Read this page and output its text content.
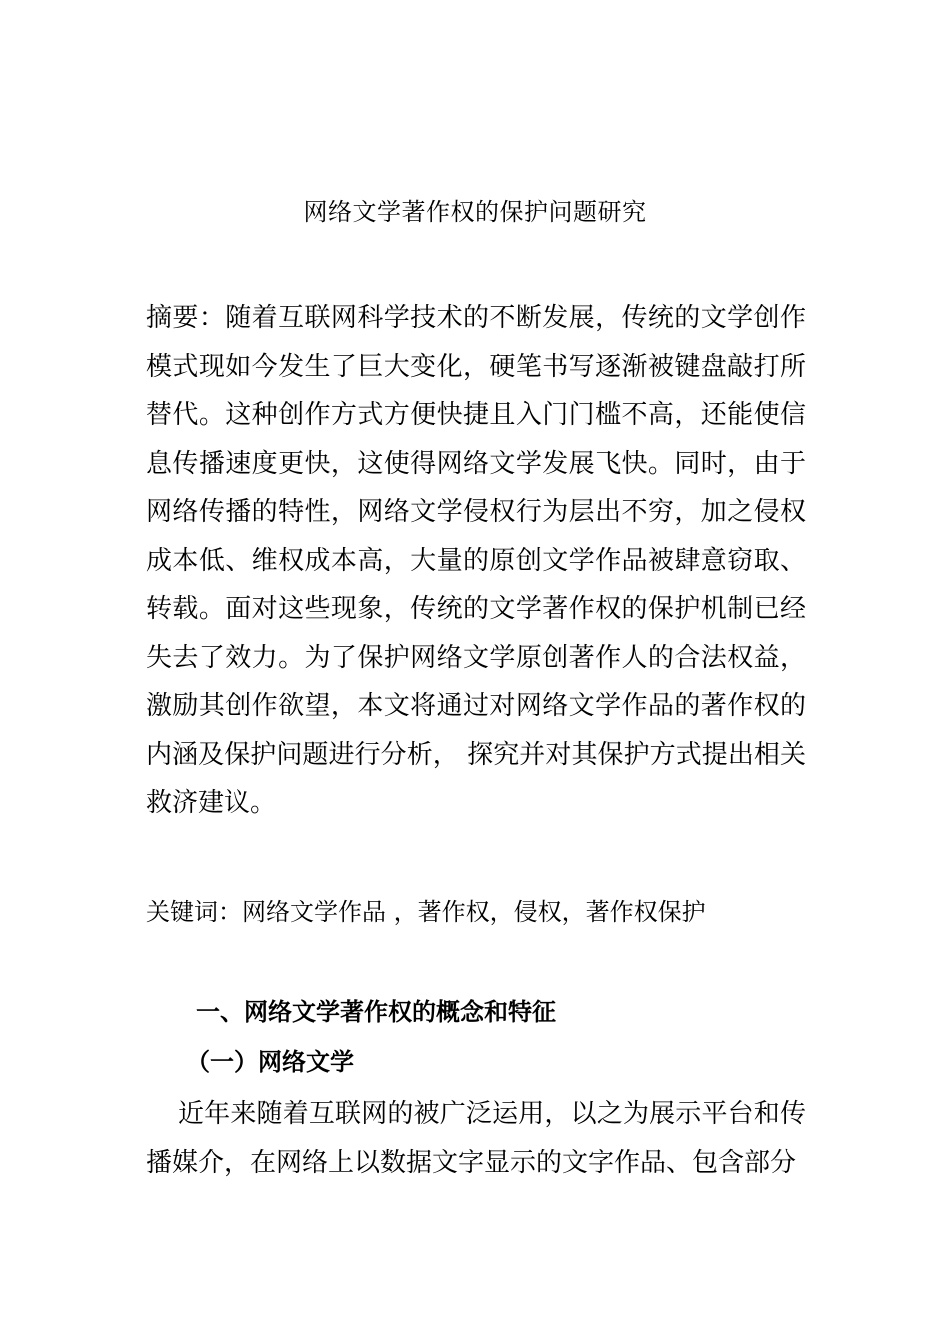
网络文学著作权的保护问题研究

摘要：随着互联网科学技术的不断发展，传统的文学创作模式现如今发生了巨大变化，硬笔书写逐渐被键盘敲打所替代。这种创作方式方便快捷且入门门槛不高，还能使信息传播速度更快，这使得网络文学发展飞快。同时，由于网络传播的特性，网络文学侵权行为层出不穷，加之侵权成本低、维权成本高，大量的原创文学作品被肆意窃取、转载。面对这些现象，传统的文学著作权的保护机制已经失去了效力。为了保护网络文学原创著作人的合法权益，激励其创作欲望，本文将通过对网络文学作品的著作权的内涵及保护问题进行分析， 探究并对其保护方式提出相关救济建议。

关键词：网络文学作品 ，著作权，侵权，著作权保护

一、网络文学著作权的概念和特征
（一）网络文学

近年来随着互联网的被广泛运用，以之为展示平台和传播媒介，在网络上以数据文字显示的文字作品、包含部分
